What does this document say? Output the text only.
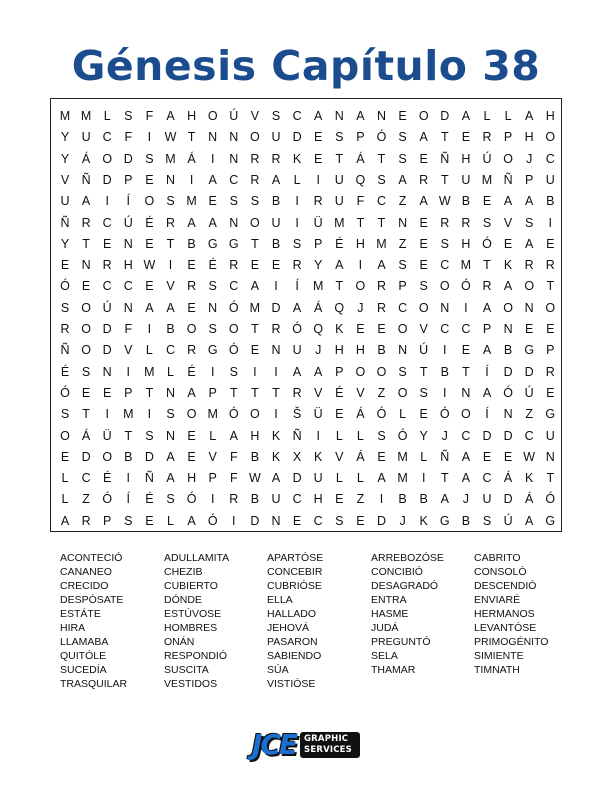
Génesis Capítulo 38
M M L	S	F	A H O Ú V	S C A N A N E O D A	L	L	A H
Y U C	F	I	W T	N N O U D E	S	P Ó S	A	T	E R P H O
Y	Á O D S M Á	I	N R R K	E	T	Á	T	S	E Ñ H Ú O	J	C
V Ñ D P	E N	I	A C R A	L	I	U Q S	A R	T	U M Ñ P U
U A	I	Í	O S M E	S	S	B	I	R U	F	C	Z	A W B	E	A	A	B
Ñ R C Ú É R A	A N O U	I	Ü M T	T	N E R R S	V	S	I
Y	T	E N E	T	B G G T	B	S	P	É H M Z	E	S H Ó E	A	E
E N R H W	I	E	É R E	E R Y	A	I	A	S	E C M T	K R R
Ó E C C E	V R S C A	I	Í	M T O R P	S O Ó R A O T
S O Ú N A	A	E N Ó M D A	Á Q	J	R C O N	I	A O N O
R O D	F	I	B O S O T	R Ó Q K	E	E O V C C P N E	E
Ñ O D V	L	C R G Ó E N U	J	H H B N Ú	I	E	A	B G P
É	S N	I	M L	É	I	S	I	I	A	A	P O O S	T	B	T	Í	D D R
Ó E	E	P	T	N A	P	T	T	T	R V	É	V	Z O S	I	N A Ó Ú E
S	T	I	M	I	S O M Ó O	I	Š Ü E	Á Ó	L	E Ó O	Í	N	Z G
O Á Ü	T	S N E	L	A H K Ñ	I	L	L	S Ó Y	J	C D D C U
E D O B D A	E	V	F	B	K	X	K	V	Á	E M L	Ñ A	E	E W N
L	C É	I	Ñ A H P	F W A D U	L	L	A M	I	T	A C Á	K	T
L	Z Ó	Í	É	S Ó	I	R B U C H E	Z	I	B	B	A	J	U D Á Ó
A R P	S	E	L	A Ó	I	D N E C S	E D	J	K G B	S Ú A G
ACONTECIÓ
CANANEO
CRECIDO
DESPÓSATE
ESTÁTE
HIRA
LLAMABA
QUITÓLE
SUCEDÍA
TRASQUILAR
ADULLAMITA
CHEZIB
CUBIERTO
DÓNDE
ESTÚVOSE
HOMBRES
ONÁN
RESPONDIÓ
SUSCITA
VESTIDOS
APARTÓSE
CONCEBIR
CUBRIÓSE
ELLA
HALLADO
JEHOVÁ
PASARON
SABIENDO
SÚA
VISTIÓSE
ARREBOZÓSE
CONCIBIÓ
DESAGRADÓ
ENTRA
HASME
JUDÁ
PREGUNTÓ
SELA
THAMAR
CABRITO
CONSOLÓ
DESCENDIÓ
ENVIARÉ
HERMANOS
LEVANTÓSE
PRIMOGÉNITO
SIMIENTE
TIMNATH
JCE GRAPHIC
SERVICES
